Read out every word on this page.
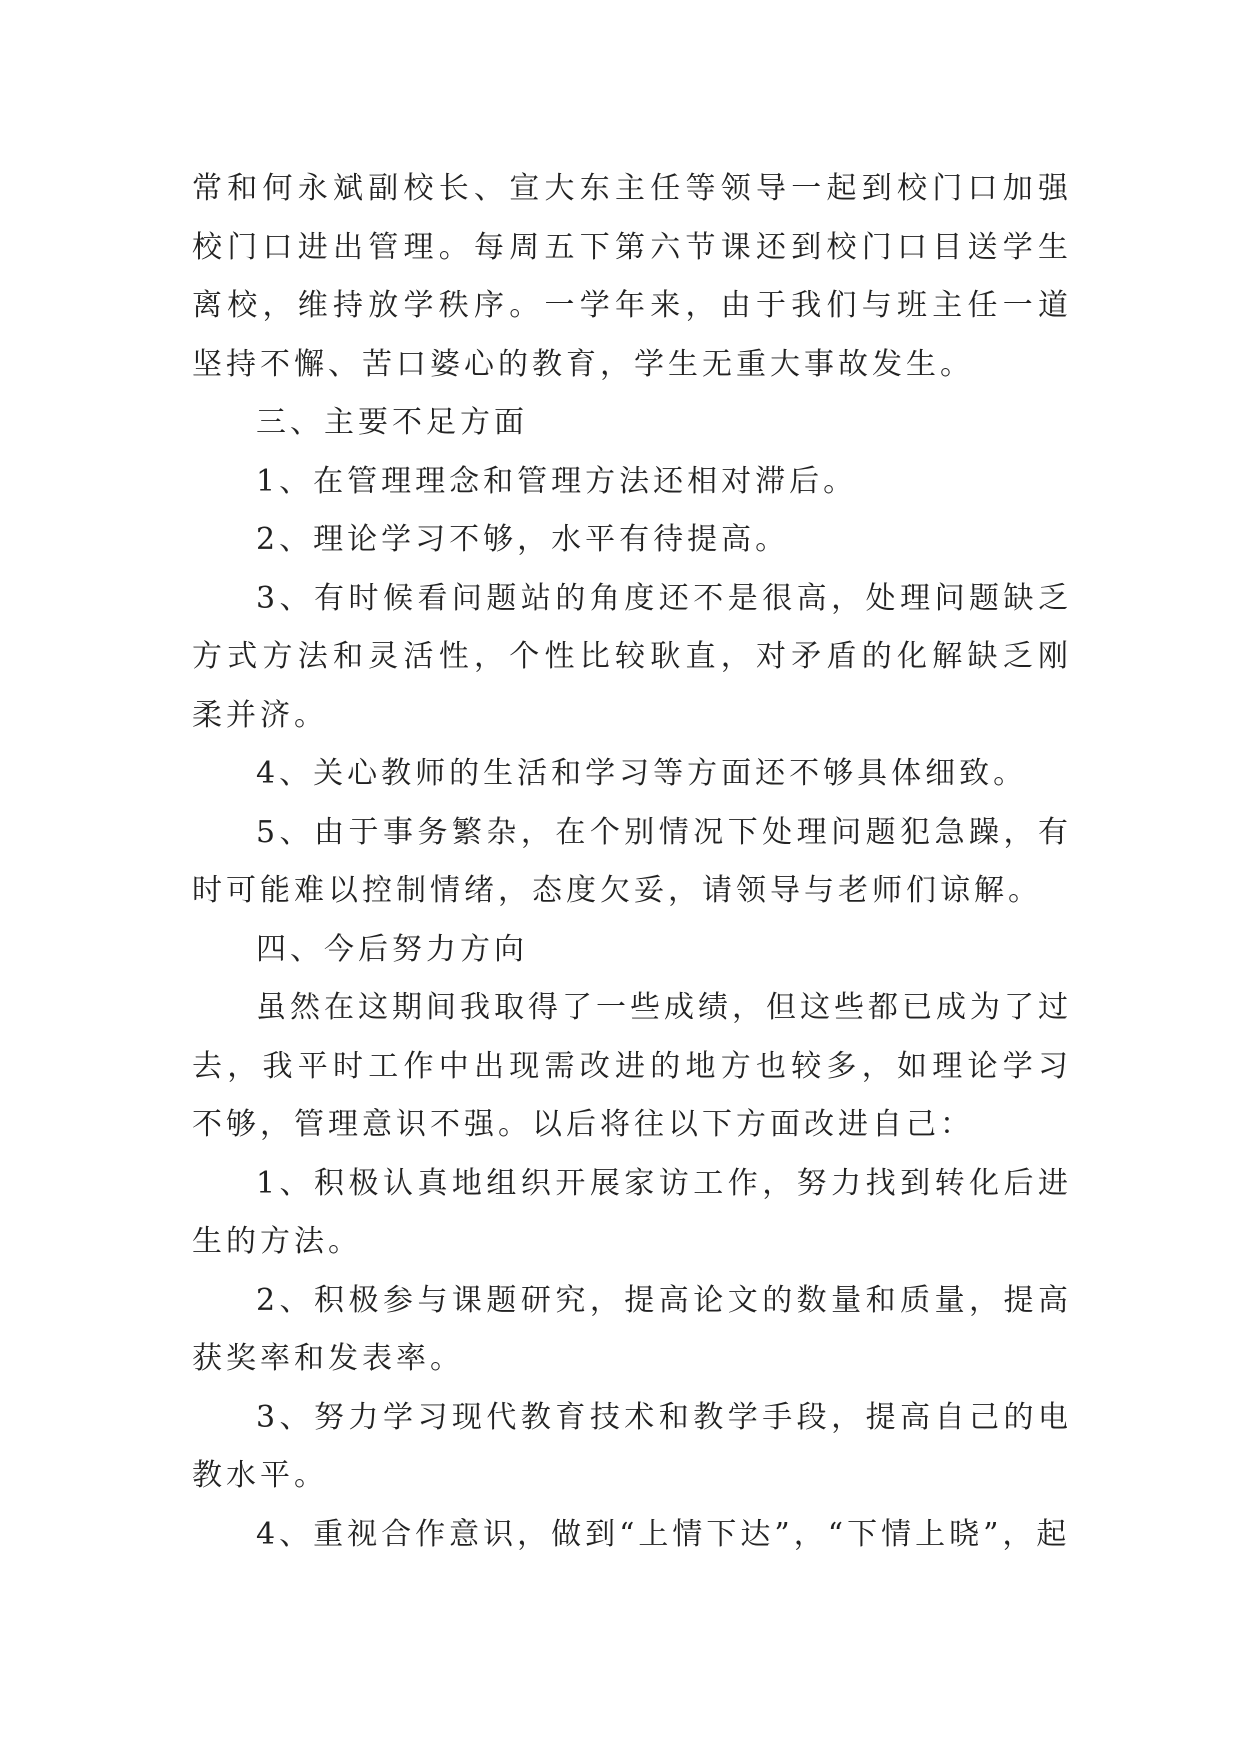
常和何永斌副校长、宣大东主任等领导一起到校门口加强校门口进出管理。每周五下第六节课还到校门口目送学生离校，维持放学秩序。一学年来，由于我们与班主任一道坚持不懈、苦口婆心的教育，学生无重大事故发生。

三、主要不足方面

1、在管理理念和管理方法还相对滞后。

2、理论学习不够，水平有待提高。

3、有时候看问题站的角度还不是很高，处理问题缺乏方式方法和灵活性，个性比较耿直，对矛盾的化解缺乏刚柔并济。

4、关心教师的生活和学习等方面还不够具体细致。

5、由于事务繁杂，在个别情况下处理问题犯急躁，有时可能难以控制情绪，态度欠妥，请领导与老师们谅解。

四、今后努力方向

虽然在这期间我取得了一些成绩，但这些都已成为了过去，我平时工作中出现需改进的地方也较多，如理论学习不够，管理意识不强。以后将往以下方面改进自己：

1、积极认真地组织开展家访工作，努力找到转化后进生的方法。

2、积极参与课题研究，提高论文的数量和质量，提高获奖率和发表率。

3、努力学习现代教育技术和教学手段，提高自己的电教水平。

4、重视合作意识，做到“上情下达”，“下情上晓”，起
